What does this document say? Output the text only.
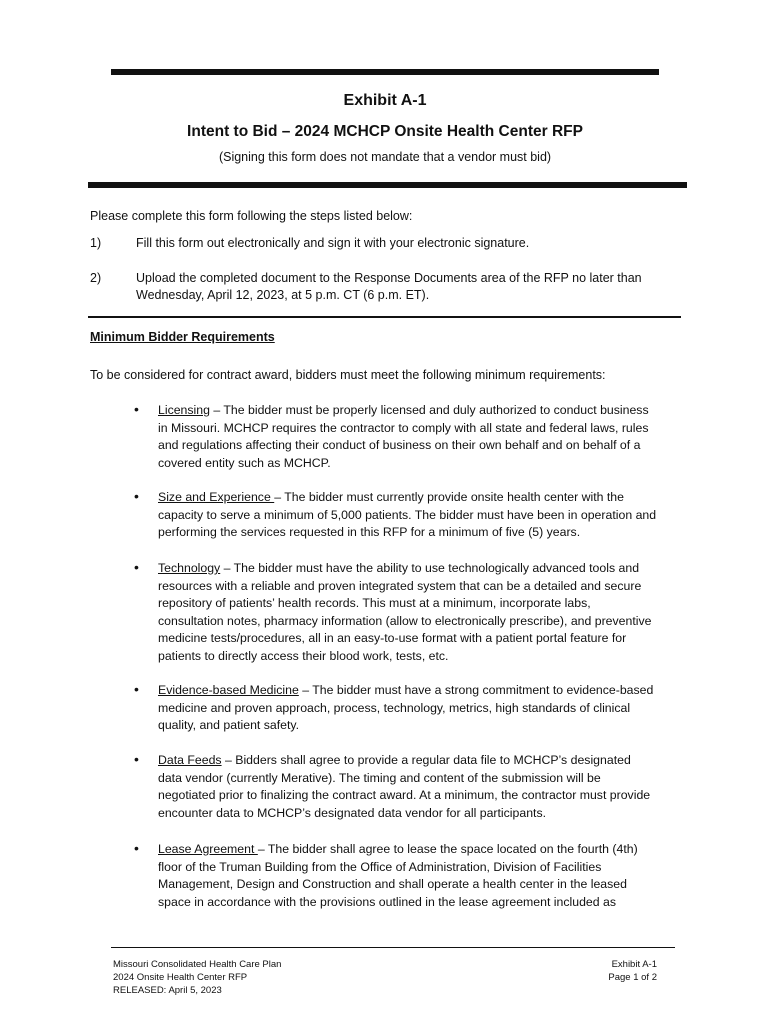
Exhibit A-1
Intent to Bid – 2024 MCHCP Onsite Health Center RFP
(Signing this form does not mandate that a vendor must bid)
Please complete this form following the steps listed below:
1)	Fill this form out electronically and sign it with your electronic signature.
2)	Upload the completed document to the Response Documents area of the RFP no later than Wednesday, April 12, 2023, at 5 p.m. CT (6 p.m. ET).
Minimum Bidder Requirements
To be considered for contract award, bidders must meet the following minimum requirements:
• Licensing – The bidder must be properly licensed and duly authorized to conduct business in Missouri. MCHCP requires the contractor to comply with all state and federal laws, rules and regulations affecting their conduct of business on their own behalf and on behalf of a covered entity such as MCHCP.
• Size and Experience – The bidder must currently provide onsite health center with the capacity to serve a minimum of 5,000 patients. The bidder must have been in operation and performing the services requested in this RFP for a minimum of five (5) years.
• Technology – The bidder must have the ability to use technologically advanced tools and resources with a reliable and proven integrated system that can be a detailed and secure repository of patients’ health records. This must at a minimum, incorporate labs, consultation notes, pharmacy information (allow to electronically prescribe), and preventive medicine tests/procedures, all in an easy-to-use format with a patient portal feature for patients to directly access their blood work, tests, etc.
• Evidence-based Medicine – The bidder must have a strong commitment to evidence-based medicine and proven approach, process, technology, metrics, high standards of clinical quality, and patient safety.
• Data Feeds – Bidders shall agree to provide a regular data file to MCHCP’s designated data vendor (currently Merative). The timing and content of the submission will be negotiated prior to finalizing the contract award. At a minimum, the contractor must provide encounter data to MCHCP’s designated data vendor for all participants.
• Lease Agreement – The bidder shall agree to lease the space located on the fourth (4th) floor of the Truman Building from the Office of Administration, Division of Facilities Management, Design and Construction and shall operate a health center in the leased space in accordance with the provisions outlined in the lease agreement included as
Missouri Consolidated Health Care Plan
2024 Onsite Health Center RFP
RELEASED: April 5, 2023
Exhibit A-1
Page 1 of 2
